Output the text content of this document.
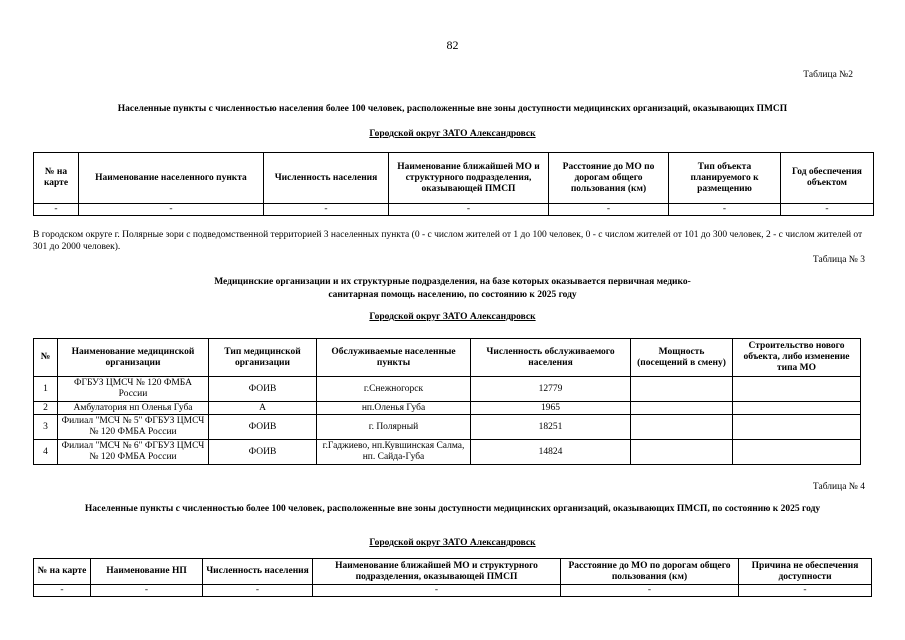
82
Таблица №2
Населенные пункты с численностью населения более 100 человек, расположенные вне зоны доступности медицинских организаций, оказывающих ПМСП
Городской округ ЗАТО Александровск
№ на карте	Наименование населенного пункта	Численность населения	Наименование ближайшей МО и структурного подразделения, оказывающей ПМСП	Расстояние до МО по дорогам общего пользования (км)	Тип объекта планируемого к размещению	Год обеспечения объектом
-	-	-	-	-	-	-
В городском округе г. Полярные зори с подведомственной территорией 3 населенных пункта (0 - с числом жителей от 1 до 100 человек, 0 - с числом жителей от 101 до 300 человек, 2 - с числом жителей от 301 до 2000 человек).
Таблица № 3
Медицинские организации и их структурные подразделения, на базе которых оказывается первичная медико-
санитарная помощь населению, по состоянию к 2025 году
Городской округ ЗАТО Александровск
№	Наименование медицинской организации	Тип медицинской организации	Обслуживаемые населенные пункты	Численность обслуживаемого населения	Мощность (посещений в смену)	Строительство нового объекта, либо изменение типа МО
1	ФГБУЗ ЦМСЧ № 120 ФМБА России	ФОИВ	г.Снежногорск	12779		
2	Амбулатория нп Оленья Губа	А	нп.Оленья Губа	1965		
3	Филиал "МСЧ № 5" ФГБУЗ ЦМСЧ № 120 ФМБА России	ФОИВ	г. Полярный	18251		
4	Филиал "МСЧ № 6" ФГБУЗ ЦМСЧ № 120 ФМБА России	ФОИВ	г.Гаджиево, нп.Кувшинская Салма, нп. Сайда-Губа	14824		
Таблица № 4
Населенные пункты с численностью более 100 человек, расположенные вне зоны доступности медицинских организаций, оказывающих ПМСП, по состоянию к 2025 году
Городской округ ЗАТО Александровск
№ на карте	Наименование НП	Численность населения	Наименование ближайшей МО и структурного подразделения, оказывающей ПМСП	Расстояние до МО по дорогам общего пользования (км)	Причина не обеспечения доступности
-	-	-	-	-	-
